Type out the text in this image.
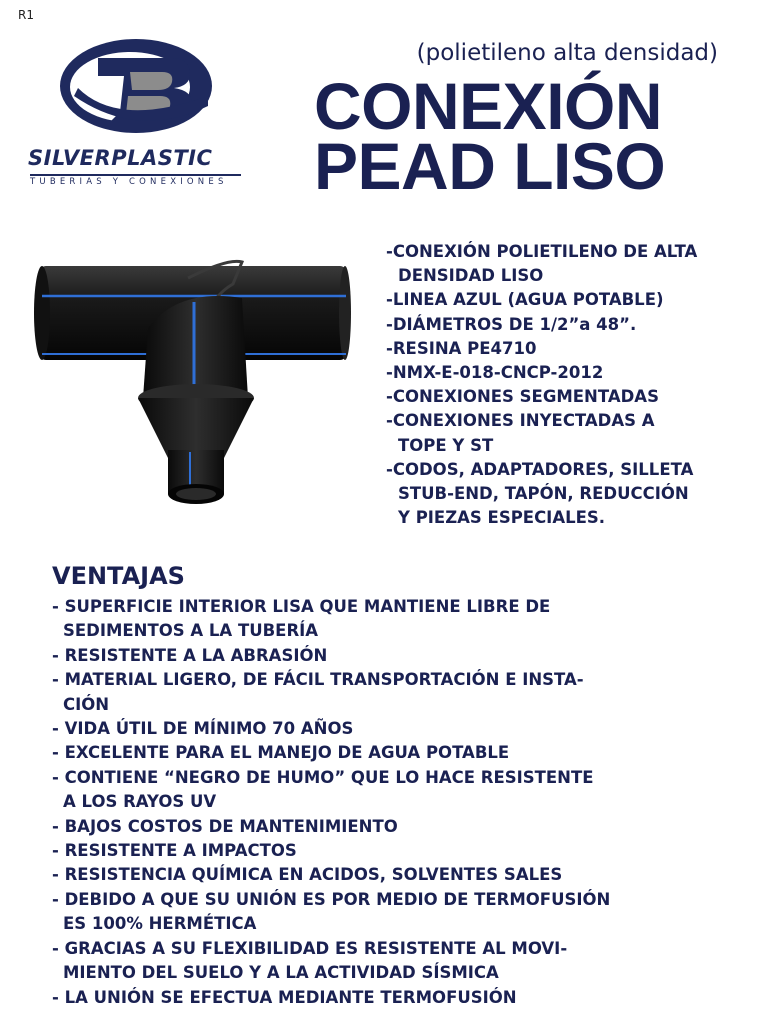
R1
SILVERPLASTIC
TUBERIAS Y CONEXIONES
(polietileno alta densidad)
CONEXIÓN
PEAD LISO
-CONEXIÓN POLIETILENO DE ALTA
DENSIDAD LISO
-LINEA AZUL (AGUA POTABLE)
-DIÁMETROS DE 1/2”a 48”.
-RESINA PE4710
-NMX-E-018-CNCP-2012
-CONEXIONES SEGMENTADAS
-CONEXIONES INYECTADAS A
TOPE Y ST
-CODOS, ADAPTADORES, SILLETA
STUB-END, TAPÓN, REDUCCIÓN
Y PIEZAS ESPECIALES.
VENTAJAS
- SUPERFICIE INTERIOR LISA QUE MANTIENE LIBRE DE
SEDIMENTOS A LA TUBERÍA
- RESISTENTE A LA ABRASIÓN
- MATERIAL LIGERO, DE FÁCIL TRANSPORTACIÓN E INSTA-
CIÓN
- VIDA ÚTIL DE MÍNIMO 70 AÑOS
- EXCELENTE PARA EL MANEJO DE AGUA POTABLE
- CONTIENE “NEGRO DE HUMO” QUE LO HACE RESISTENTE
A LOS RAYOS UV
- BAJOS COSTOS DE MANTENIMIENTO
- RESISTENTE A IMPACTOS
- RESISTENCIA QUÍMICA EN ACIDOS, SOLVENTES SALES
- DEBIDO A QUE SU UNIÓN ES POR MEDIO DE TERMOFUSIÓN
ES 100% HERMÉTICA
- GRACIAS A SU FLEXIBILIDAD ES RESISTENTE AL MOVI-
MIENTO DEL SUELO Y A LA ACTIVIDAD SÍSMICA
- LA UNIÓN SE EFECTUA MEDIANTE TERMOFUSIÓN
